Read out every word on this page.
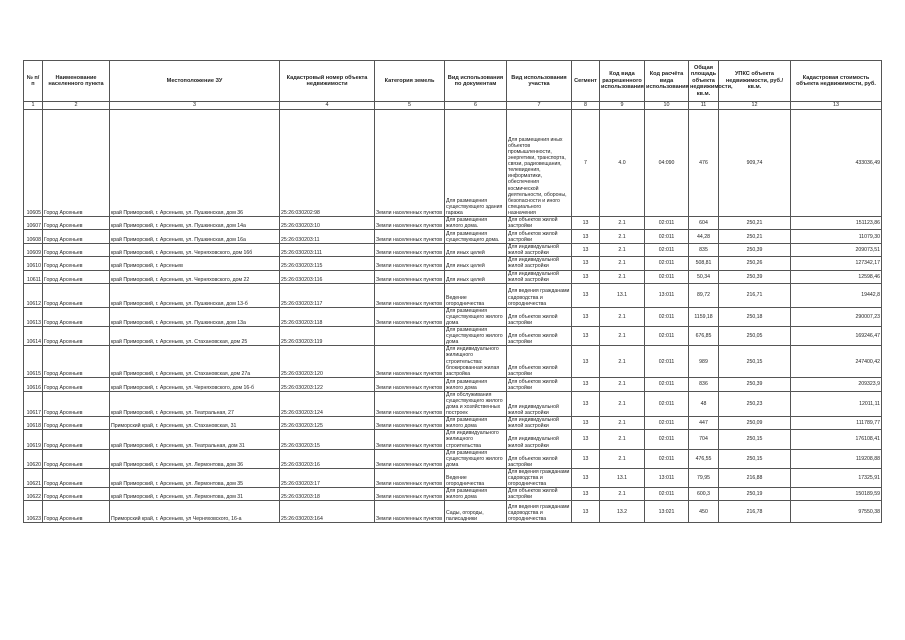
№ п/п	Наименование населенного пункта	Местоположение ЗУ	Кадастровый номер объекта недвижимости	Категория земель	Вид использования по документам	Вид использования участка	Сегмент	Код вида разрешенного использования	Код расчёта вида использования	Общая площадь объекта недвижимости, кв.м.	УПКС объекта недвижимости, руб./кв.м.	Кадастровая стоимость объекта недвижимости, руб.
1	2	3	4	5	6	7	8	9	10	11	12	13
10605	Город Арсеньев	край Приморский, г. Арсеньев, ул. Пушкинская, дом 36	25:26:030202:98	Земли населенных пунктов	Для размещения существующего здания гаража	Для размещения иных объектов промышленности, энергетики, транспорта, связи, радиовещания, телевидения, информатики, обеспечения космической деятельности, обороны, безопасности и иного специального назначения	7	4.0	04:090	476	909,74	433036,49
10607	Город Арсеньев	край Приморский, г. Арсеньев, ул. Пушкинская, дом 14а	25:26:030203:10	Земли населенных пунктов	Для размещения жилого дома.	Для объектов жилой застройки	13	2.1	02:011	604	250,21	151123,86
10608	Город Арсеньев	край Приморский, г. Арсеньев, ул. Пушкинская, дом 16а	25:26:030203:11	Земли населенных пунктов	Для размещения существующего дома.	Для объектов жилой застройки	13	2.1	02:011	44,28	250,21	11079,30
10609	Город Арсеньев	край Приморский, г. Арсеньев, ул. Черняховского, дом 16б	25:26:030203:111	Земли населенных пунктов	Для иных целей	Для индивидуальной жилой застройки	13	2.1	02:011	835	250,39	209073,51
10610	Город Арсеньев	край Приморский, г. Арсеньев	25:26:030203:115	Земли населенных пунктов	Для иных целей	Для индивидуальной жилой застройки	13	2.1	02:011	508,81	250,26	127342,17
10611	Город Арсеньев	край Приморский, г. Арсеньев, ул. Черняховского, дом 22	25:26:030203:116	Земли населенных пунктов	Для иных целей	Для индивидуальной жилой застройки	13	2.1	02:011	50,34	250,39	12598,46
10612	Город Арсеньев	край Приморский, г. Арсеньев, ул. Пушкинская, дом 13-б	25:26:030203:117	Земли населенных пунктов	Ведение огородничества	Для ведения гражданами садоводства и огородничества	13	13.1	13:011	89,72	216,71	19442,8
10613	Город Арсеньев	край Приморский, г. Арсеньев, ул. Пушкинская, дом 13а	25:26:030203:118	Земли населенных пунктов	Для размещения существующего жилого дома	Для объектов жилой застройки	13	2.1	02:011	1159,18	250,18	290007,23
10614	Город Арсеньев	край Приморский, г. Арсеньев, ул. Стахановская, дом 25	25:26:030203:119		Для размещения существующего жилого дома	Для объектов жилой застройки	13	2.1	02:011	676,85	250,05	169246,47
10615	Город Арсеньев	край Приморский, г. Арсеньев, ул. Стахановская, дом 27а	25:26:030203:120	Земли населенных пунктов	Для индивидуального жилищного строительства: блокированная жилая застройка	Для объектов жилой застройки	13	2.1	02:011	989	250,15	247400,42
10616	Город Арсеньев	край Приморский, г. Арсеньев, ул. Черняховского, дом 16-б	25:26:030203:122	Земли населенных пунктов	Для размещения жилого дома	Для объектов жилой застройки	13	2.1	02:011	836	250,39	209323,9
10617	Город Арсеньев	край Приморский, г. Арсеньев, ул. Театральная, 27	25:26:030203:124	Земли населенных пунктов	Для обслуживания существующего жилого дома и хозяйственных построек	Для индивидуальной жилой застройки	13	2.1	02:011	48	250,23	12011,11
10618	Город Арсеньев	Приморский край, г. Арсеньев, ул. Стахановская, 31	25:26:030203:125	Земли населенных пунктов	Для размещения жилого дома	Для индивидуальной жилой застройки	13	2.1	02:011	447	250,09	111789,77
10619	Город Арсеньев	край Приморский, г. Арсеньев, ул. Театральная, дом 31	25:26:030203:15	Земли населенных пунктов	Для индивидуального жилищного строительства	Для индивидуальной жилой застройки	13	2.1	02:011	704	250,15	176108,41
10620	Город Арсеньев	край Приморский, г. Арсеньев, ул. Лермонтова, дом 36	25:26:030203:16	Земли населенных пунктов	Для размещения существующего жилого дома	Для объектов жилой застройки	13	2.1	02:011	476,55	250,15	119208,88
10621	Город Арсеньев	край Приморский, г. Арсеньев, ул. Лермонтова, дом 35	25:26:030203:17	Земли населенных пунктов	Ведение огородничества	Для ведения гражданами садоводства и огородничества	13	13.1	13:011	79,95	216,88	17325,91
10622	Город Арсеньев	край Приморский, г. Арсеньев, ул. Лермонтова, дом 31	25:26:030203:18	Земли населенных пунктов	Для размещения жилого дома	Для объектов жилой застройки	13	2.1	02:011	600,3	250,19	150189,59
10623	Город Арсеньев	Приморский край, г. Арсеньев, ул Черняховского, 16-а	25:26:030203:164	Земли населенных пунктов	Сады, огороды, палисадники	Для ведения гражданами садоводства и огородничества	13	13.2	13:021	450	216,78	97550,38
